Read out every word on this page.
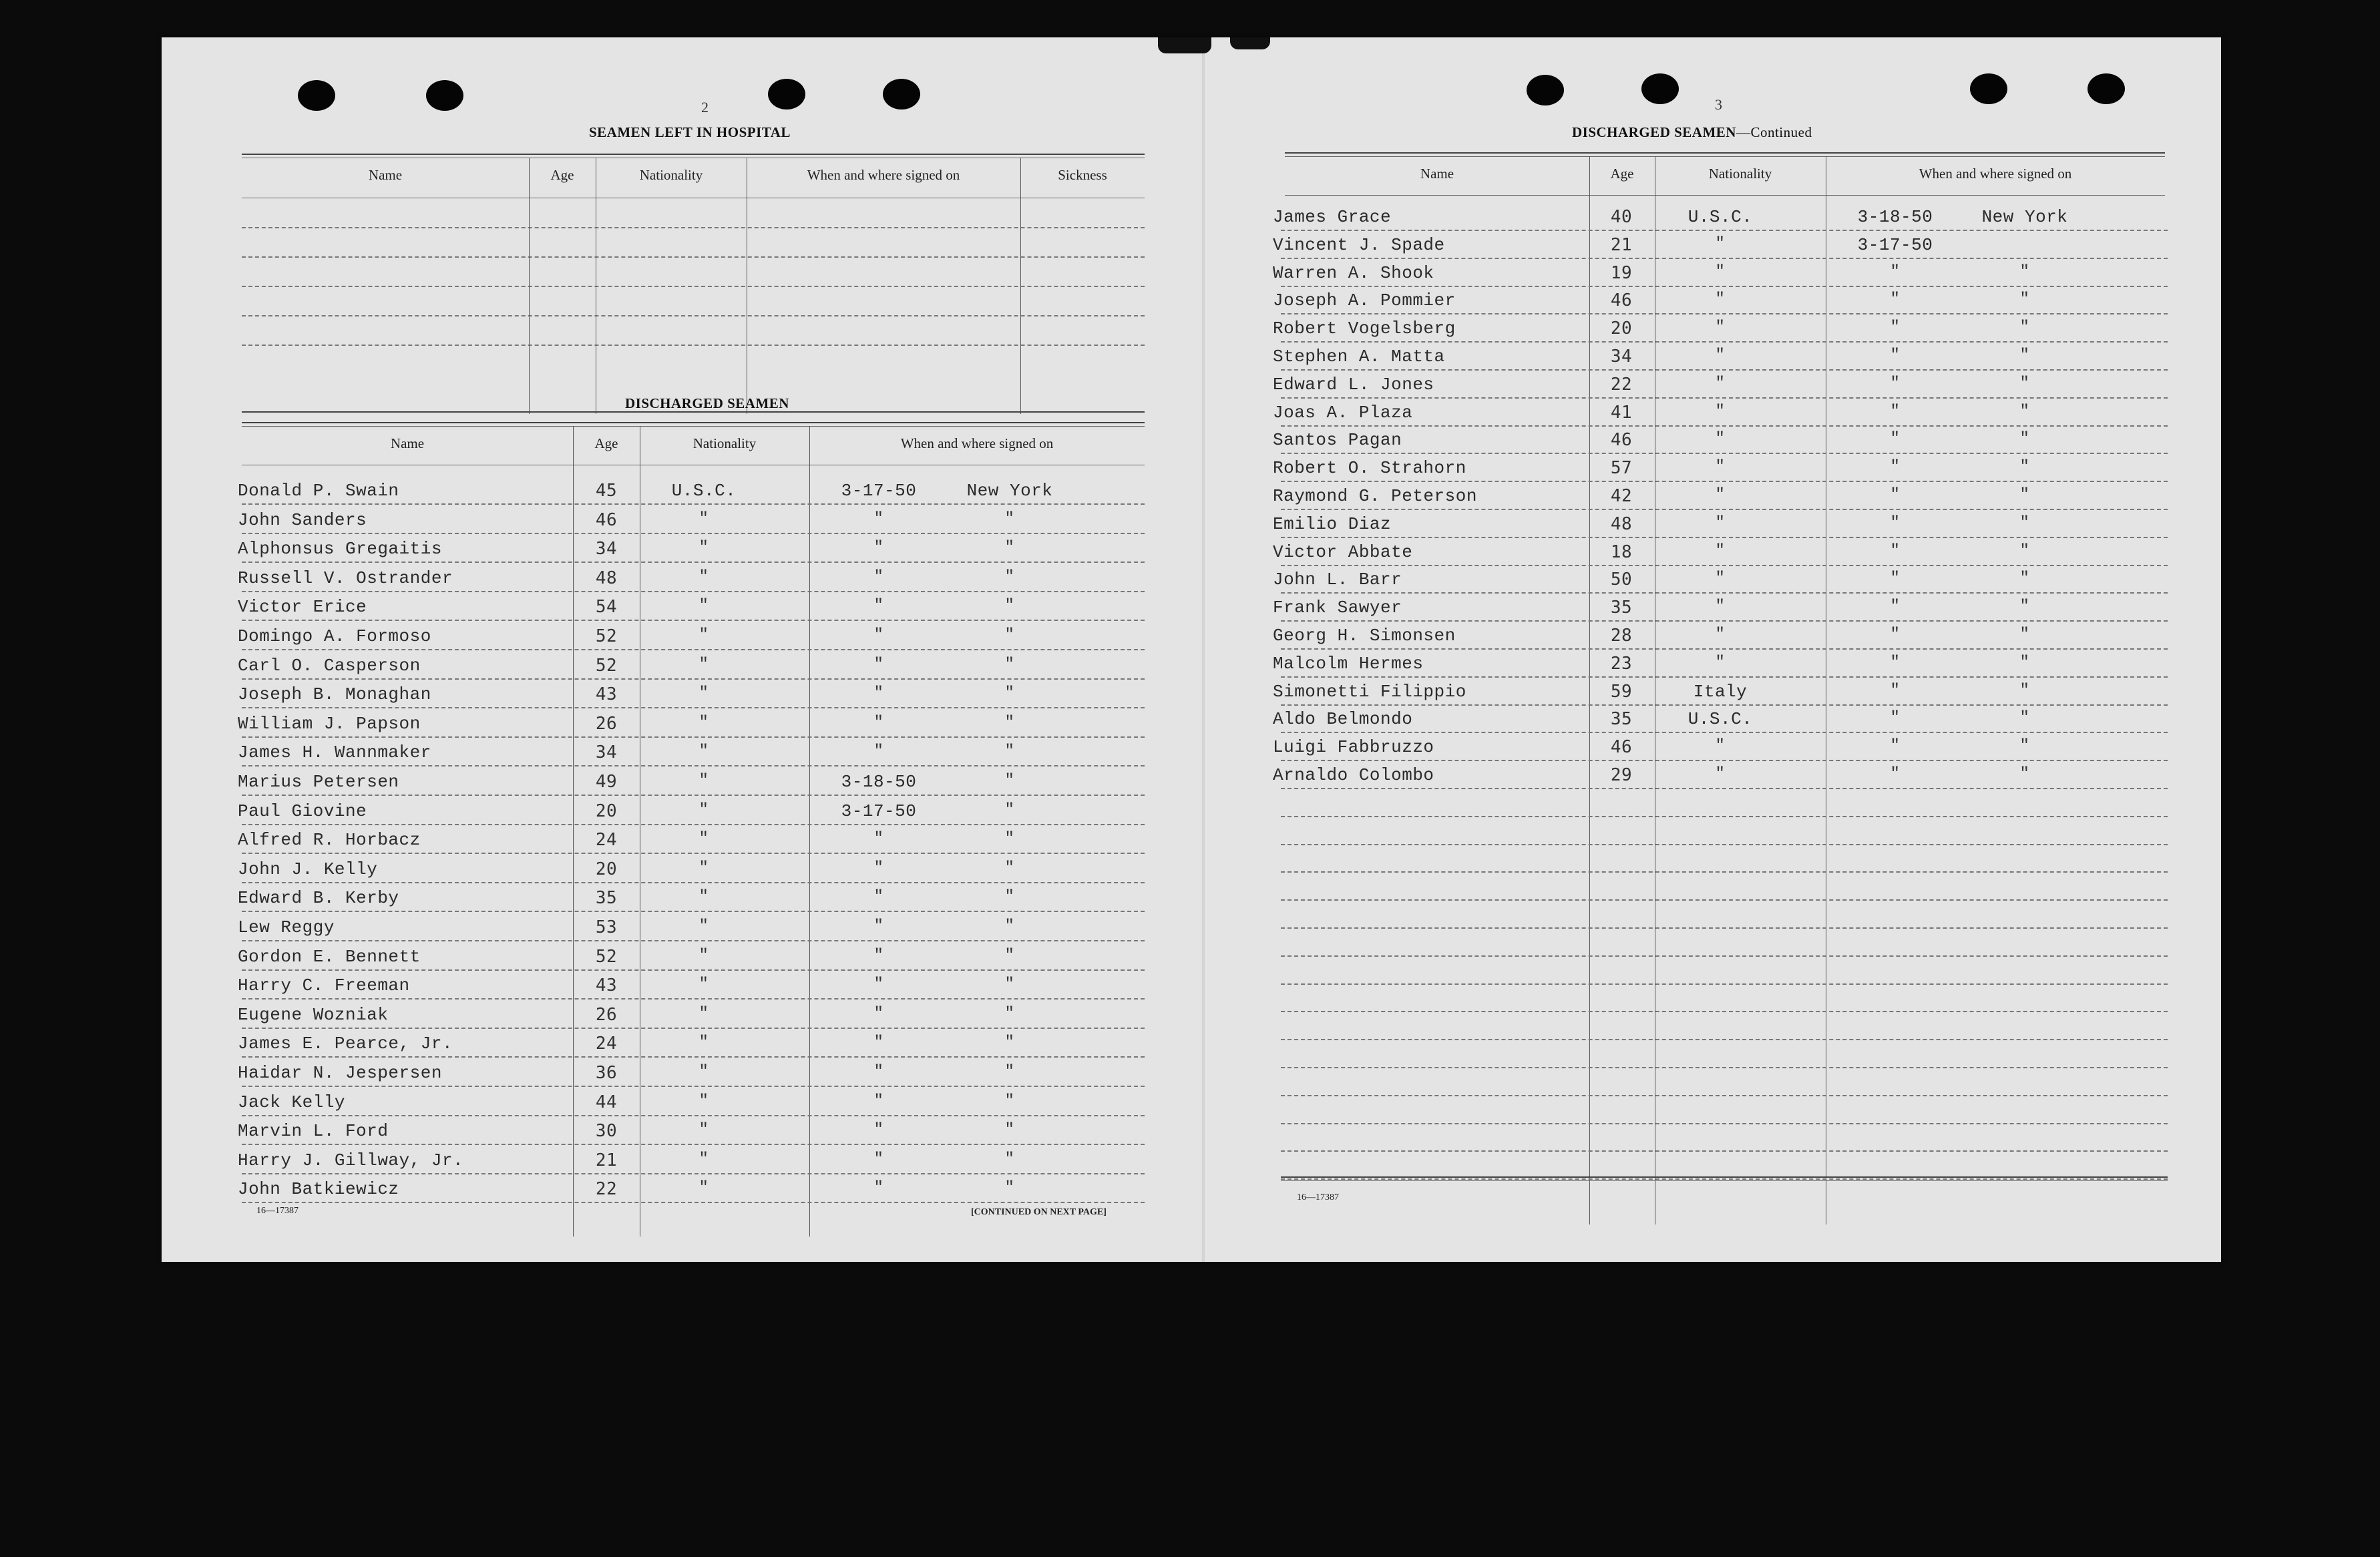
2
SEAMEN LEFT IN HOSPITAL
Name	Age	Nationality	When and where signed on	Sickness
DISCHARGED SEAMEN
Name	Age	Nationality	When and where signed on
Donald P. Swain	45	U.S.C.	3-17-50	New York
John Sanders	46	"	"	"
Alphonsus Gregaitis	34	"	"	"
Russell V. Ostrander	48	"	"	"
Victor Erice	54	"	"	"
Domingo A. Formoso	52	"	"	"
Carl O. Casperson	52	"	"	"
Joseph B. Monaghan	43	"	"	"
William J. Papson	26	"	"	"
James H. Wannmaker	34	"	"	"
Marius Petersen	49	"	3-18-50	"
Paul Giovine	20	"	3-17-50	"
Alfred R. Horbacz	24	"	"	"
John J. Kelly	20	"	"	"
Edward B. Kerby	35	"	"	"
Lew Reggy	53	"	"	"
Gordon E. Bennett	52	"	"	"
Harry C. Freeman	43	"	"	"
Eugene Wozniak	26	"	"	"
James E. Pearce, Jr.	24	"	"	"
Haidar N. Jespersen	36	"	"	"
Jack Kelly	44	"	"	"
Marvin L. Ford	30	"	"	"
Harry J. Gillway, Jr.	21	"	"	"
John Batkiewicz	22	"	"	"
16—17387	[CONTINUED ON NEXT PAGE]
3
DISCHARGED SEAMEN—Continued
Name	Age	Nationality	When and where signed on
James Grace	40	U.S.C.	3-18-50	New York
Vincent J. Spade	21	"	3-17-50
Warren A. Shook	19	"	"	"
Joseph A. Pommier	46	"	"	"
Robert Vogelsberg	20	"	"	"
Stephen A. Matta	34	"	"	"
Edward L. Jones	22	"	"	"
Joas A. Plaza	41	"	"	"
Santos Pagan	46	"	"	"
Robert O. Strahorn	57	"	"	"
Raymond G. Peterson	42	"	"	"
Emilio Diaz	48	"	"	"
Victor Abbate	18	"	"	"
John L. Barr	50	"	"	"
Frank Sawyer	35	"	"	"
Georg H. Simonsen	28	"	"	"
Malcolm Hermes	23	"	"	"
Simonetti Filippio	59	Italy	"	"
Aldo Belmondo	35	U.S.C.	"	"
Luigi Fabbruzzo	46	"	"	"
Arnaldo Colombo	29	"	"	"
16—17387
